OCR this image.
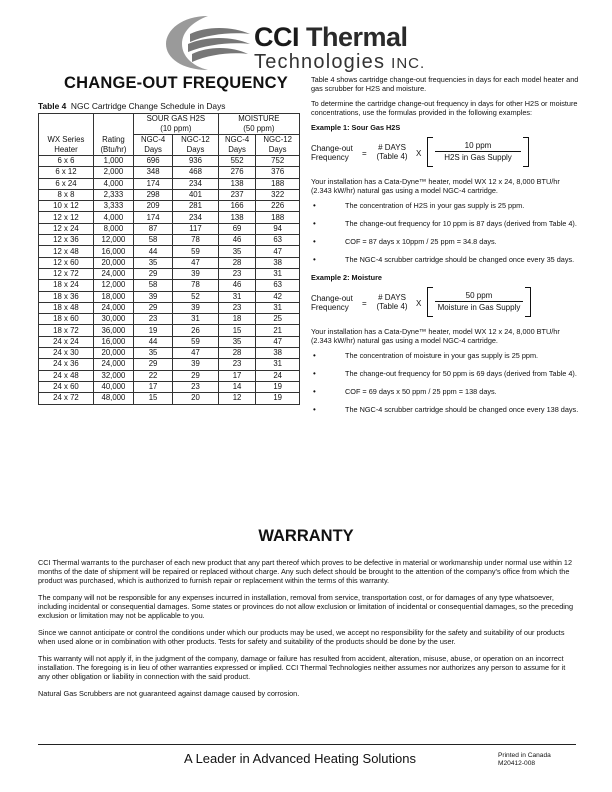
CCI Thermal
Technologies INC.
CHANGE-OUT FREQUENCY
Table 4 NGC Cartridge Change Schedule in Days
		SOUR GAS H2S		MOISTURE	
		(10 ppm)		(50 ppm)	
WX Series	Rating	NGC-4	NGC-12	NGC-4	NGC-12
Heater	(Btu/hr)	Days	Days	Days	Days
6 x 6	1,000	696	936	552	752
6 x 12	2,000	348	468	276	376
6 x 24	4,000	174	234	138	188
8 x 8	2,333	298	401	237	322
10 x 12	3,333	209	281	166	226
12 x 12	4,000	174	234	138	188
12 x 24	8,000	87	117	69	94
12 x 36	12,000	58	78	46	63
12 x 48	16,000	44	59	35	47
12 x 60	20,000	35	47	28	38
12 x 72	24,000	29	39	23	31
18 x 24	12,000	58	78	46	63
18 x 36	18,000	39	52	31	42
18 x 48	24,000	29	39	23	31
18 x 60	30,000	23	31	18	25
18 x 72	36,000	19	26	15	21
24 x 24	16,000	44	59	35	47
24 x 30	20,000	35	47	28	38
24 x 36	24,000	29	39	23	31
24 x 48	32,000	22	29	17	24
24 x 60	40,000	17	23	14	19
24 x 72	48,000	15	20	12	19

Table 4 shows cartridge change-out frequencies in days for each model heater and gas scrubber for H2S and moisture.

To determine the cartridge change-out frequency in days for other H2S or moisture concentrations, use the formulas provided in the following examples:

Example 1: Sour Gas H2S
Change-out
Frequency	=
# DAYS
(Table 4)	X
10 ppm
H2S in Gas Supply

Your installation has a Cata-Dyne™ heater, model WX 12 x 24, 8,000 BTU/hr (2.343 kW/hr) natural gas using a model NGC-4 cartridge.

• The concentration of H2S in your gas supply is 25 ppm.
• The change-out frequency for 10 ppm is 87 days (derived from Table 4).
• COF = 87 days x 10ppm / 25 ppm = 34.8 days.
• The NGC-4 scrubber cartridge should be changed once every 35 days.
Example 2: Moisture
Change-out
Frequency	=
# DAYS
(Table 4)	X
50 ppm
Moisture in Gas Supply

Your installation has a Cata-Dyne™ heater, model WX 12 x 24, 8,000 BTU/hr (2.343 kW/hr) natural gas using a model NGC-4 cartridge.

• The concentration of moisture in your gas supply is 25 ppm.
• The change-out frequency for 50 ppm is 69 days (derived from Table 4).
• COF = 69 days x 50 ppm / 25 ppm = 138 days.
• The NGC-4 scrubber cartridge should be changed once every 138 days.
WARRANTY

CCI Thermal warrants to the purchaser of each new product that any part thereof which proves to be defective in material or workmanship under normal use within 12 months of the date of shipment will be repaired or replaced without charge. Any such defect should be brought to the attention of the company's office from which the product was purchased, which is authorized to furnish repair or replacement within the terms of this warranty.

The company will not be responsible for any expenses incurred in installation, removal from service, transportation cost, or for damages of any type whatsoever, including incidental or consequential damages. Some states or provinces do not allow exclusion or limitation of incidental or consequential damages, so the preceding exclusion or limitation may not be applicable to you.

Since we cannot anticipate or control the conditions under which our products may be used, we accept no responsibility for the safety and suitability of our products when used alone or in combination with other products. Tests for safety and suitability of the products should be done by the user.

This warranty will not apply if, in the judgment of the company, damage or failure has resulted from accident, alteration, misuse, abuse, or operation on an incorrect installation. The foregoing is in lieu of other warranties expressed or implied. CCI Thermal Technologies neither assumes nor authorizes any person to assume for it any other obligation or liability in connection with the said product.

Natural Gas Scrubbers are not guaranteed against damage caused by corrosion.

A Leader in Advanced Heating Solutions	Printed in Canada
M20412-008
